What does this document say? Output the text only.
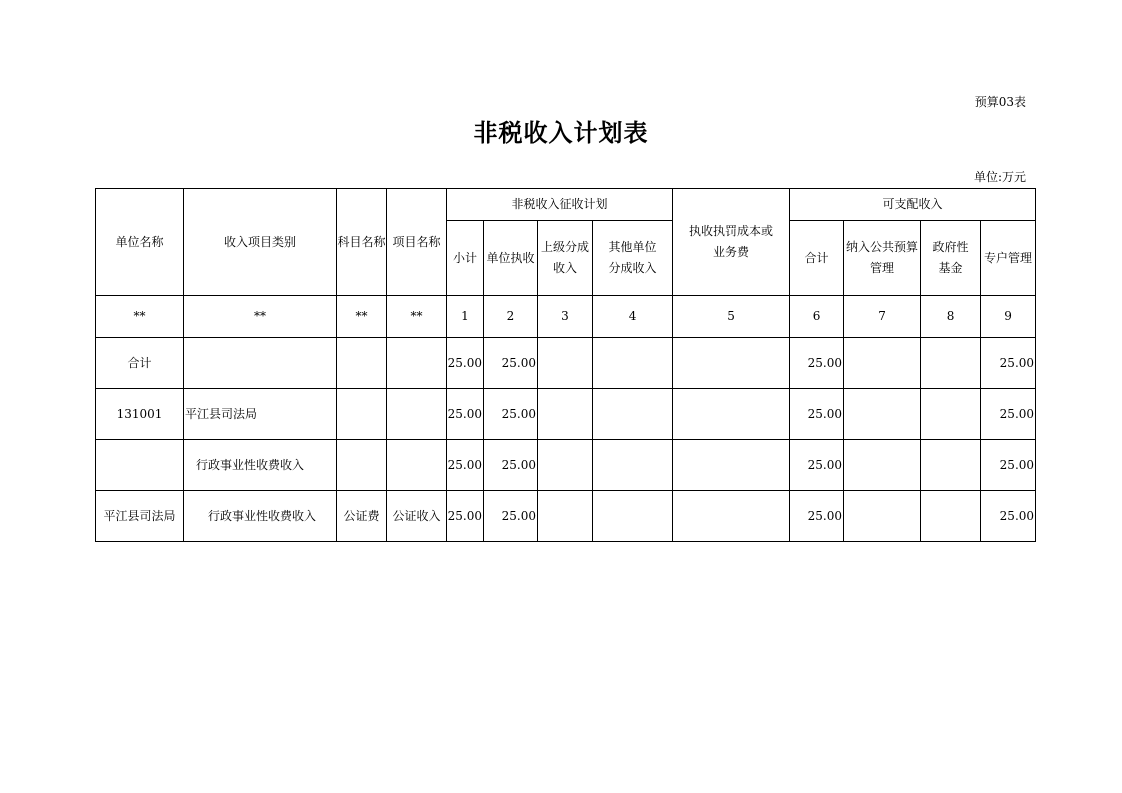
预算03表
非税收入计划表
单位:万元
单位名称	收入项目类别	科目名称	项目名称	非税收入征收计划				执收执罚成本或业务费	可支配收入			
				小计	单位执收	上级分成收入	其他单位分成收入		合计	纳入公共预算管理	政府性基金	专户管理
**	**	**	**	1	2	3	4	5	6	7	8	9
合计				25.00	25.00				25.00			25.00
131001	平江县司法局			25.00	25.00				25.00			25.00
	行政事业性收费收入			25.00	25.00				25.00			25.00
平江县司法局	行政事业性收费收入	公证费	公证收入	25.00	25.00				25.00			25.00
